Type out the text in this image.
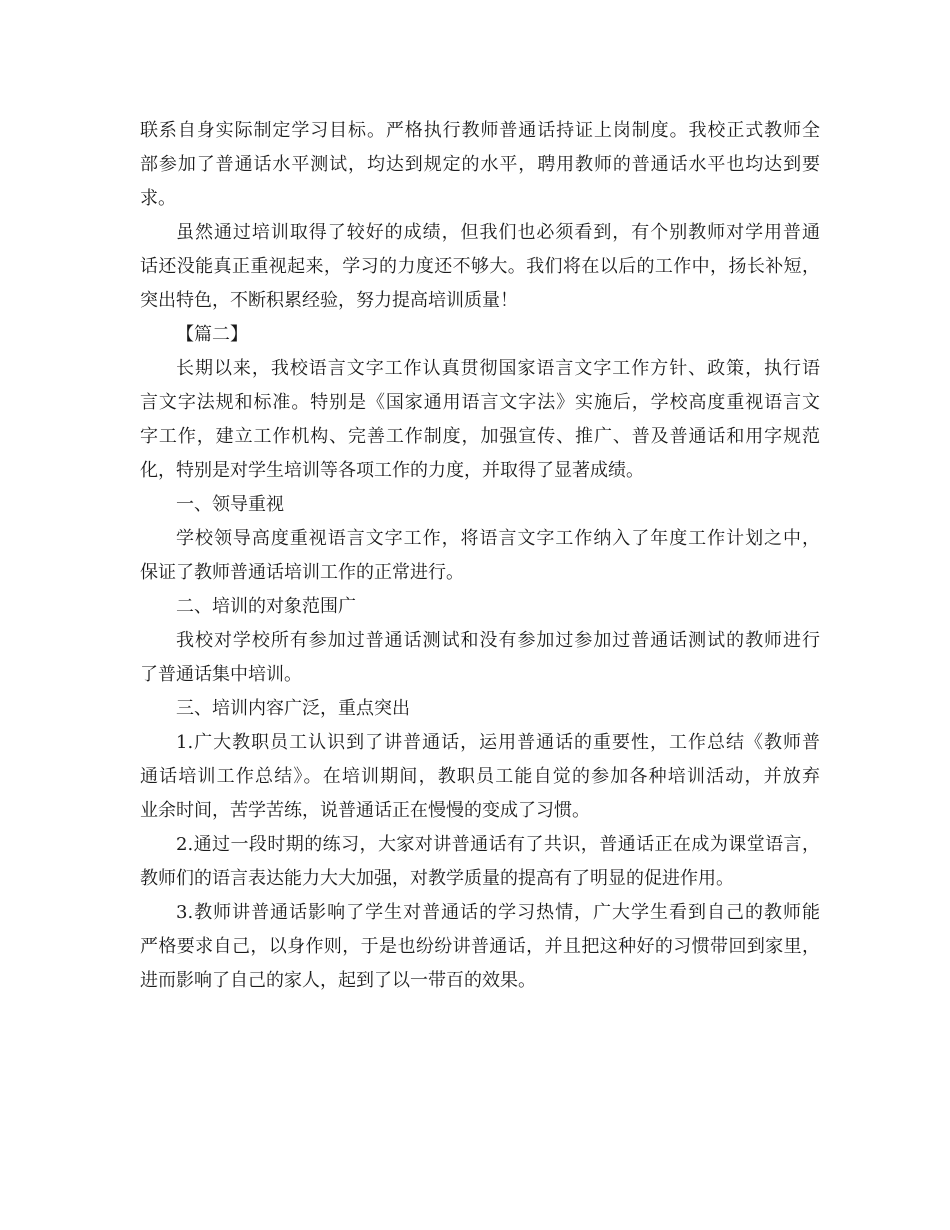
联系自身实际制定学习目标。严格执行教师普通话持证上岗制度。我校正式教师全
部参加了普通话水平测试，均达到规定的水平，聘用教师的普通话水平也均达到要
求。
虽然通过培训取得了较好的成绩，但我们也必须看到，有个别教师对学用普通
话还没能真正重视起来，学习的力度还不够大。我们将在以后的工作中，扬长补短，
突出特色，不断积累经验，努力提高培训质量！
【篇二】
长期以来，我校语言文字工作认真贯彻国家语言文字工作方针、政策，执行语
言文字法规和标准。特别是《国家通用语言文字法》实施后，学校高度重视语言文
字工作，建立工作机构、完善工作制度，加强宣传、推广、普及普通话和用字规范
化，特别是对学生培训等各项工作的力度，并取得了显著成绩。
一、领导重视
学校领导高度重视语言文字工作，将语言文字工作纳入了年度工作计划之中，
保证了教师普通话培训工作的正常进行。
二、培训的对象范围广
我校对学校所有参加过普通话测试和没有参加过参加过普通话测试的教师进行
了普通话集中培训。
三、培训内容广泛，重点突出
1.广大教职员工认识到了讲普通话，运用普通话的重要性，工作总结《教师普
通话培训工作总结》。在培训期间，教职员工能自觉的参加各种培训活动，并放弃
业余时间，苦学苦练，说普通话正在慢慢的变成了习惯。
2.通过一段时期的练习，大家对讲普通话有了共识，普通话正在成为课堂语言，
教师们的语言表达能力大大加强，对教学质量的提高有了明显的促进作用。
3.教师讲普通话影响了学生对普通话的学习热情，广大学生看到自己的教师能
严格要求自己，以身作则，于是也纷纷讲普通话，并且把这种好的习惯带回到家里，
进而影响了自己的家人，起到了以一带百的效果。
